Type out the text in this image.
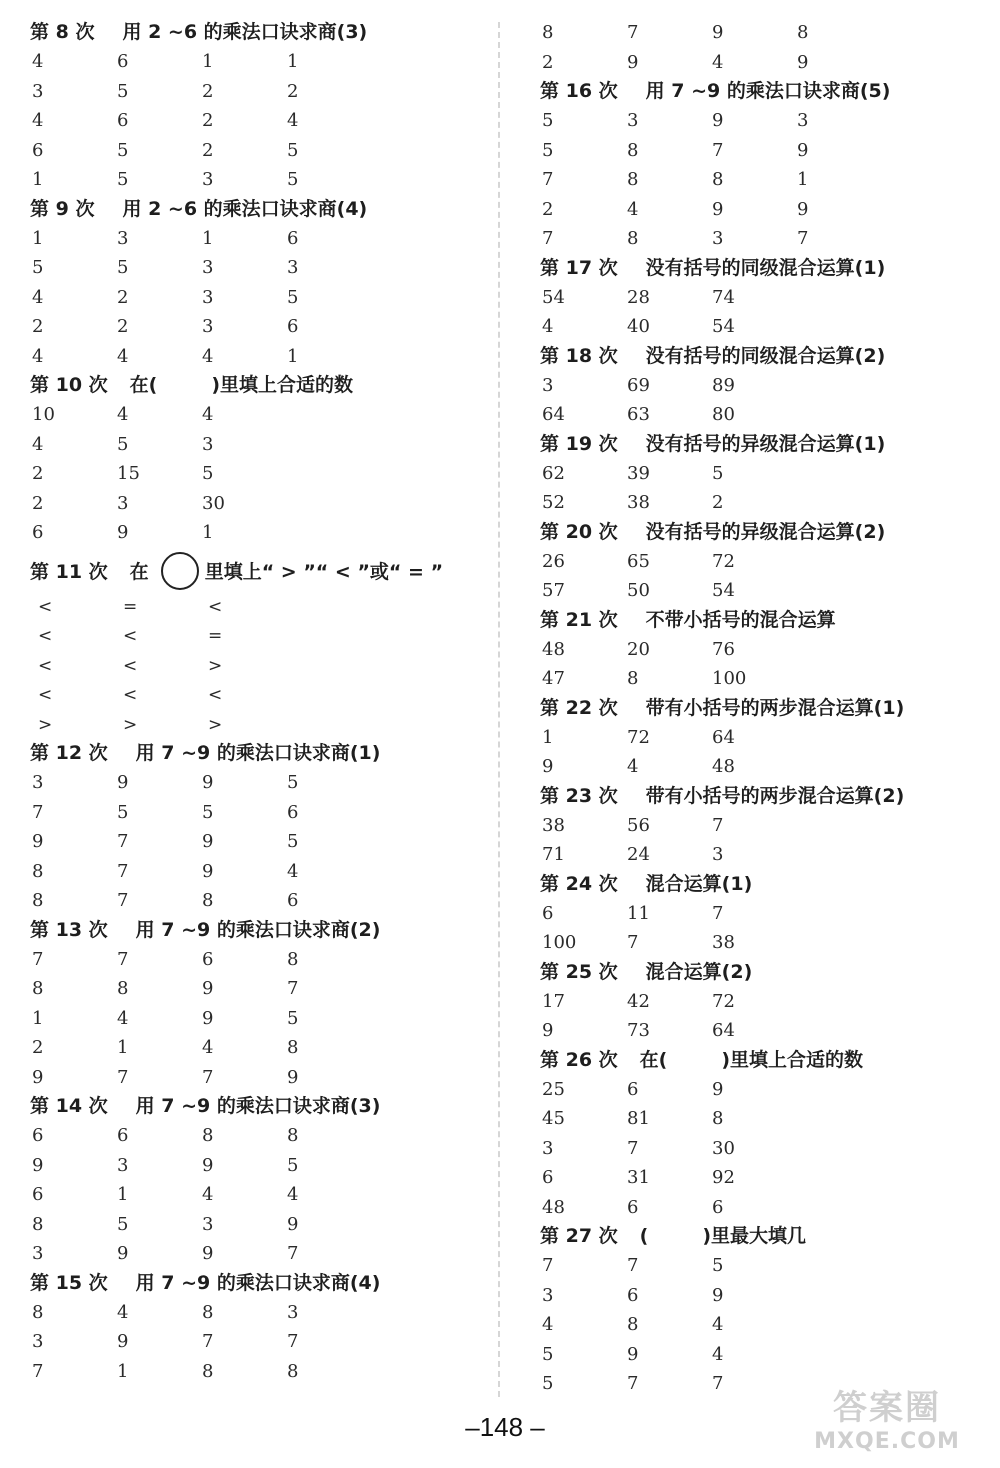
第 8 次 用 2 ~6 的乘法口诀求商(3)
4	6	1	1
3	5	2	2
4	6	2	4
6	5	2	5
1	5	3	5
第 9 次 用 2 ~6 的乘法口诀求商(4)
1	3	1	6
5	5	3	3
4	2	3	5
2	2	3	6
4	4	4	1
第 10 次 在(	)里填上合适的数
10	4	4
4	5	3
2	15	5
2	3	30
6	9	1
第 11 次 在	里填上“ > ”“ < ”或“ = ”
<	=	<
<	<	=
<	<	>
<	<	<
>	>	>
第 12 次 用 7 ~9 的乘法口诀求商(1)
3	9	9	5
7	5	5	6
9	7	9	5
8	7	9	4
8	7	8	6
第 13 次 用 7 ~9 的乘法口诀求商(2)
7	7	6	8
8	8	9	7
1	4	9	5
2	1	4	8
9	7	7	9
第 14 次 用 7 ~9 的乘法口诀求商(3)
6	6	8	8
9	3	9	5
6	1	4	4
8	5	3	9
3	9	9	7
第 15 次 用 7 ~9 的乘法口诀求商(4)
8	4	8	3
3	9	7	7
7	1	8	8
8	7	9	8
2	9	4	9
第 16 次 用 7 ~9 的乘法口诀求商(5)
5	3	9	3
5	8	7	9
7	8	8	1
2	4	9	9
7	8	3	7
第 17 次 没有括号的同级混合运算(1)
54	28	74
4	40	54
第 18 次 没有括号的同级混合运算(2)
3	69	89
64	63	80
第 19 次 没有括号的异级混合运算(1)
62	39	5
52	38	2
第 20 次 没有括号的异级混合运算(2)
26	65	72
57	50	54
第 21 次 不带小括号的混合运算
48	20	76
47	8	100
第 22 次 带有小括号的两步混合运算(1)
1	72	64
9	4	48
第 23 次 带有小括号的两步混合运算(2)
38	56	7
71	24	3
第 24 次 混合运算(1)
6	11	7
100	7	38
第 25 次 混合运算(2)
17	42	72
9	73	64
第 26 次 在(	)里填上合适的数
25	6	9
45	81	8
3	7	30
6	31	92
48	6	6
第 27 次 (	)里最大填几
7	7	5
3	6	9
4	8	4
5	9	4
5	7	7
–148 –	答案圈
MXQE.COM
